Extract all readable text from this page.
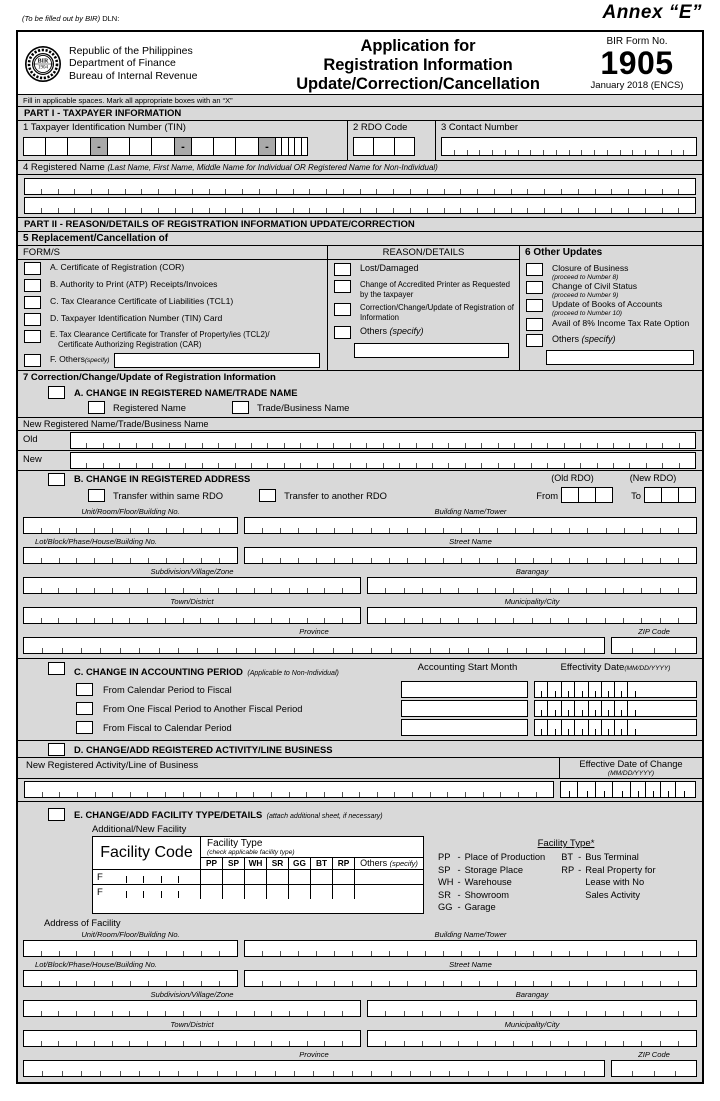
(To be filled out by BIR) DLN:	Annex “E”
BIR
1904
Republic of the Philippines
Department of Finance
Bureau of Internal Revenue
Application for
Registration Information
Update/Correction/Cancellation
BIR Form No.
1905
January 2018 (ENCS)
Fill in applicable spaces. Mark all appropriate boxes with an “X”
PART I - TAXPAYER INFORMATION
1 Taxpayer Identification Number (TIN)
-	-	-
2 RDO Code	3 Contact Number
4 Registered Name (Last Name, First Name, Middle Name for Individual OR Registered Name for Non-Individual)
PART II - REASON/DETAILS OF REGISTRATION INFORMATION UPDATE/CORRECTION
5 Replacement/Cancellation of
FORM/S
A. Certificate of Registration (COR)
B. Authority to Print (ATP) Receipts/Invoices
C. Tax Clearance Certificate of Liabilities (TCL1)
D. Taxpayer Identification Number (TIN) Card
E. Tax Clearance Certificate for Transfer of Property/ies (TCL2)/
Certificate Authorizing Registration (CAR)
F. Others(specify)
REASON/DETAILS
Lost/Damaged
Change of Accredited Printer as Requested by the taxpayer
Correction/Change/Update of Registration of Information
Others (specify)
6 Other Updates
Closure of Business
(proceed to Number 8)
Change of Civil Status
(proceed to Number 9)
Update of Books of Accounts
(proceed to Number 10)
Avail of 8% Income Tax Rate Option
Others (specify)
7 Correction/Change/Update of Registration Information
A. CHANGE IN REGISTERED NAME/TRADE NAME
Registered Name	Trade/Business Name
New Registered Name/Trade/Business Name
Old
New
B. CHANGE IN REGISTERED ADDRESS	(Old RDO)	(New RDO)
Transfer within same RDO	Transfer to another RDO	From	To
Unit/Room/Floor/Building No.	Building Name/Tower
Lot/Block/Phase/House/Building No.	Street Name
Subdivision/Village/Zone	Barangay
Town/District	Municipality/City
Province	ZIP Code
C. CHANGE IN ACCOUNTING PERIOD (Applicable to Non-Individual)
Accounting Start Month	Effectivity Date(MM/DD/YYYY)
From Calendar Period to Fiscal
From One Fiscal Period to Another Fiscal Period
From Fiscal to Calendar Period
D. CHANGE/ADD REGISTERED ACTIVITY/LINE BUSINESS
New Registered Activity/Line of Business	Effective Date of Change
(MM/DD/YYYY)
E. CHANGE/ADD FACILITY TYPE/DETAILS (attach additional sheet, if necessary)
Additional/New Facility
Facility Code
Facility Type
(check applicable facility type)
PP	SP	WH	SR	GG	BT	RP	Others (specify)
F
F
Facility Type*
PP	-	Place of Production	BT	-	Bus Terminal
SP	-	Storage Place	RP	-	Real Property for
WH	-	Warehouse			Lease with No
SR	-	Showroom			Sales Activity
GG	-	Garage			
Address of Facility
Unit/Room/Floor/Building No.	Building Name/Tower
Lot/Block/Phase/House/Building No.	Street Name
Subdivision/Village/Zone	Barangay
Town/District	Municipality/City
Province	ZIP Code
